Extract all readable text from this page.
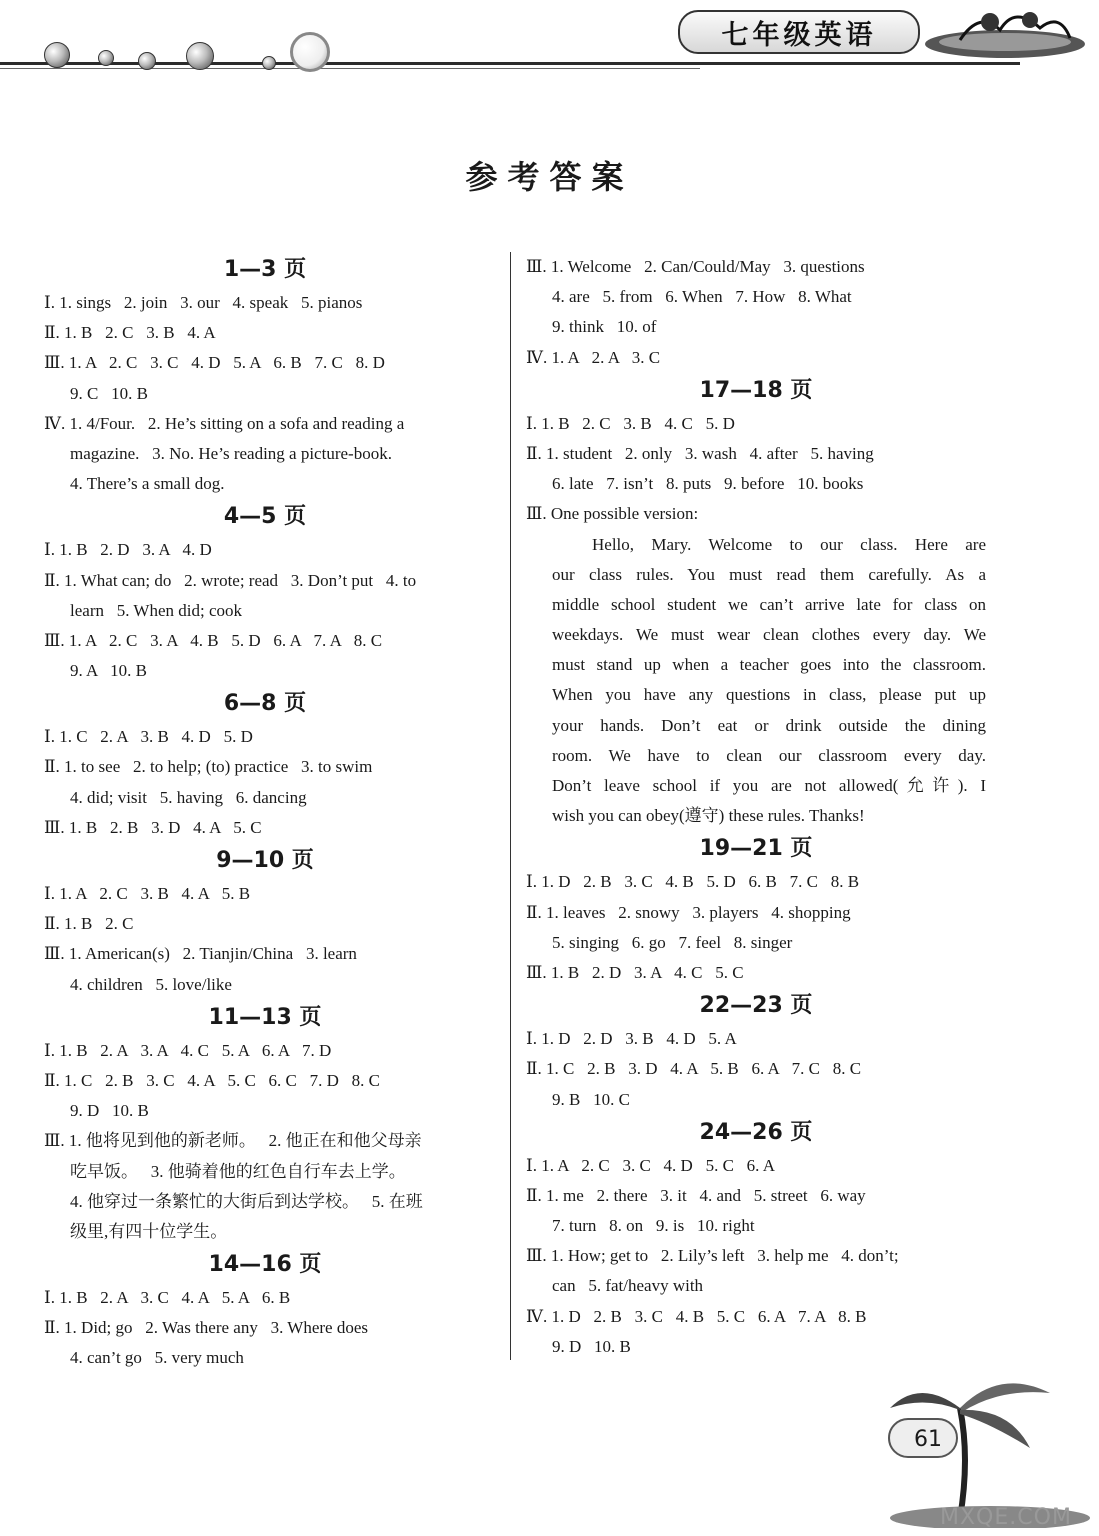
七年级英语
参考答案
1—3 页
Ⅰ. 1. sings   2. join   3. our   4. speak   5. pianos
Ⅱ. 1. B   2. C   3. B   4. A
Ⅲ. 1. A   2. C   3. C   4. D   5. A   6. B   7. C   8. D
9. C   10. B
Ⅳ. 1. 4/Four.   2. He’s sitting on a sofa and reading a
magazine.   3. No. He’s reading a picture-book.
4. There’s a small dog.
4—5 页
Ⅰ. 1. B   2. D   3. A   4. D
Ⅱ. 1. What can; do   2. wrote; read   3. Don’t put   4. to
learn   5. When did; cook
Ⅲ. 1. A   2. C   3. A   4. B   5. D   6. A   7. A   8. C
9. A   10. B
6—8 页
Ⅰ. 1. C   2. A   3. B   4. D   5. D
Ⅱ. 1. to see   2. to help; (to) practice   3. to swim
4. did; visit   5. having   6. dancing
Ⅲ. 1. B   2. B   3. D   4. A   5. C
9—10 页
Ⅰ. 1. A   2. C   3. B   4. A   5. B
Ⅱ. 1. B   2. C
Ⅲ. 1. American(s)   2. Tianjin/China   3. learn
4. children   5. love/like
11—13 页
Ⅰ. 1. B   2. A   3. A   4. C   5. A   6. A   7. D
Ⅱ. 1. C   2. B   3. C   4. A   5. C   6. C   7. D   8. C
9. D   10. B
Ⅲ. 1. 他将见到他的新老师。   2. 他正在和他父母亲
吃早饭。   3. 他骑着他的红色自行车去上学。
4. 他穿过一条繁忙的大街后到达学校。   5. 在班
级里,有四十位学生。
14—16 页
Ⅰ. 1. B   2. A   3. C   4. A   5. A   6. B
Ⅱ. 1. Did; go   2. Was there any   3. Where does
4. can’t go   5. very much
Ⅲ. 1. Welcome   2. Can/Could/May   3. questions
4. are   5. from   6. When   7. How   8. What
9. think   10. of
Ⅳ. 1. A   2. A   3. C
17—18 页
Ⅰ. 1. B   2. C   3. B   4. C   5. D
Ⅱ. 1. student   2. only   3. wash   4. after   5. having
6. late   7. isn’t   8. puts   9. before   10. books
Ⅲ. One possible version:
Hello, Mary. Welcome to our class. Here are
our class rules. You must read them carefully. As a
middle school student we can’t arrive late for class on
weekdays. We must wear clean clothes every day. We
must stand up when a teacher goes into the classroom.
When you have any questions in class, please put up
your hands. Don’t eat or drink outside the dining
room. We have to clean our classroom every day.
Don’t leave school if you are not allowed(允许). I
wish you can obey(遵守) these rules. Thanks!
19—21 页
Ⅰ. 1. D   2. B   3. C   4. B   5. D   6. B   7. C   8. B
Ⅱ. 1. leaves   2. snowy   3. players   4. shopping
5. singing   6. go   7. feel   8. singer
Ⅲ. 1. B   2. D   3. A   4. C   5. C
22—23 页
Ⅰ. 1. D   2. D   3. B   4. D   5. A
Ⅱ. 1. C   2. B   3. D   4. A   5. B   6. A   7. C   8. C
9. B   10. C
24—26 页
Ⅰ. 1. A   2. C   3. C   4. D   5. C   6. A
Ⅱ. 1. me   2. there   3. it   4. and   5. street   6. way
7. turn   8. on   9. is   10. right
Ⅲ. 1. How; get to   2. Lily’s left   3. help me   4. don’t;
can   5. fat/heavy with
Ⅳ. 1. D   2. B   3. C   4. B   5. C   6. A   7. A   8. B
9. D   10. B
61
MXQE.COM
